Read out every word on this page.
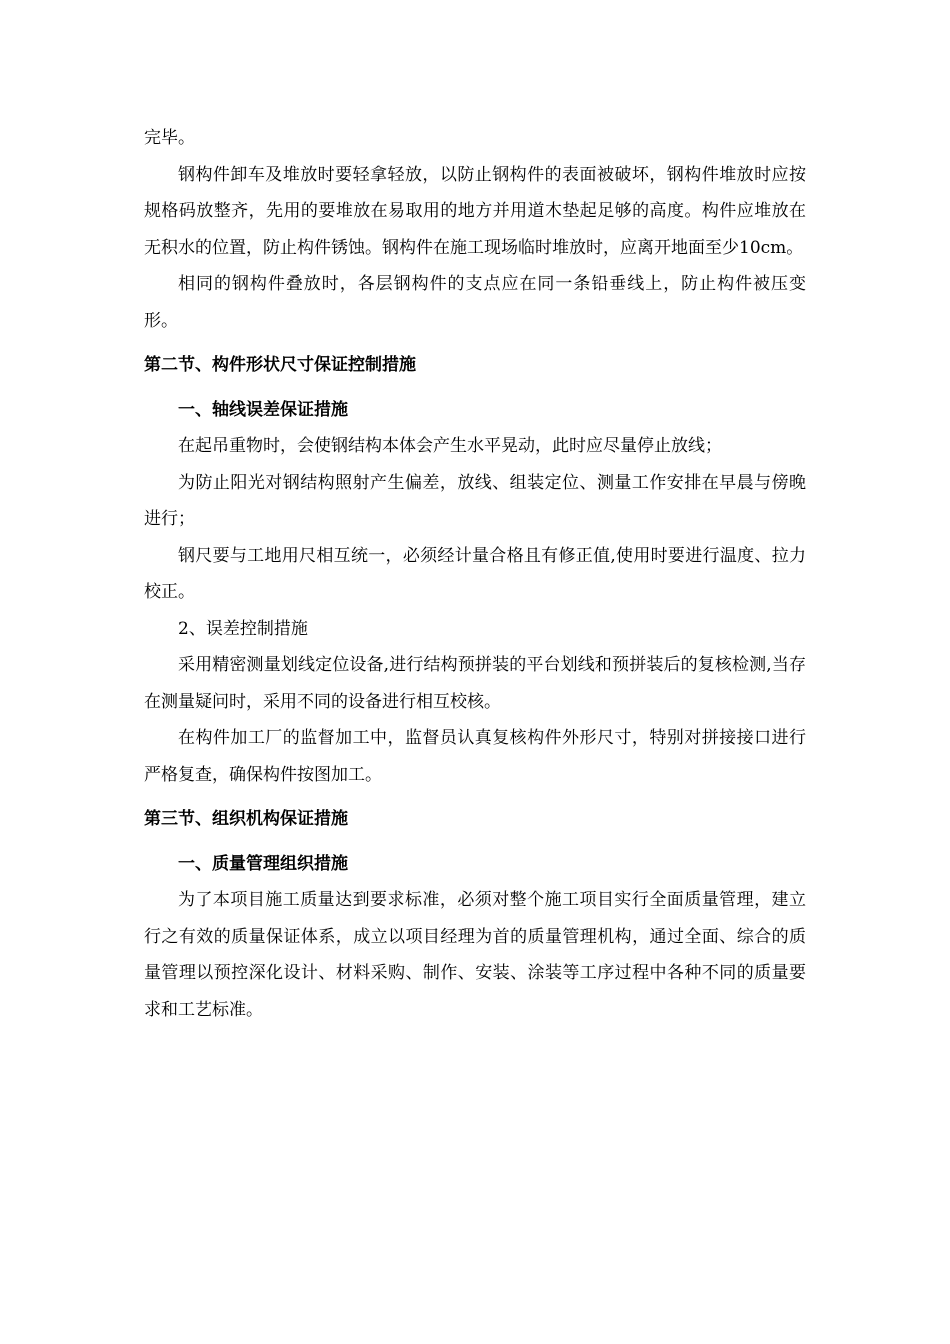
完毕。

钢构件卸车及堆放时要轻拿轻放，以防止钢构件的表面被破坏，钢构件堆放时应按规格码放整齐，先用的要堆放在易取用的地方并用道木垫起足够的高度。构件应堆放在无积水的位置，防止构件锈蚀。钢构件在施工现场临时堆放时，应离开地面至少10cm。

相同的钢构件叠放时，各层钢构件的支点应在同一条铅垂线上，防止构件被压变形。

第二节、构件形状尺寸保证控制措施
一、轴线误差保证措施

在起吊重物时，会使钢结构本体会产生水平晃动，此时应尽量停止放线；

为防止阳光对钢结构照射产生偏差，放线、组装定位、测量工作安排在早晨与傍晚进行；

钢尺要与工地用尺相互统一，必须经计量合格且有修正值,使用时要进行温度、拉力校正。

2、误差控制措施

采用精密测量划线定位设备,进行结构预拼装的平台划线和预拼装后的复核检测,当存在测量疑问时，采用不同的设备进行相互校核。

在构件加工厂的监督加工中，监督员认真复核构件外形尺寸，特别对拼接接口进行严格复查，确保构件按图加工。

第三节、组织机构保证措施
一、质量管理组织措施

为了本项目施工质量达到要求标准，必须对整个施工项目实行全面质量管理，建立行之有效的质量保证体系，成立以项目经理为首的质量管理机构，通过全面、综合的质量管理以预控深化设计、材料采购、制作、安装、涂装等工序过程中各种不同的质量要求和工艺标准。
